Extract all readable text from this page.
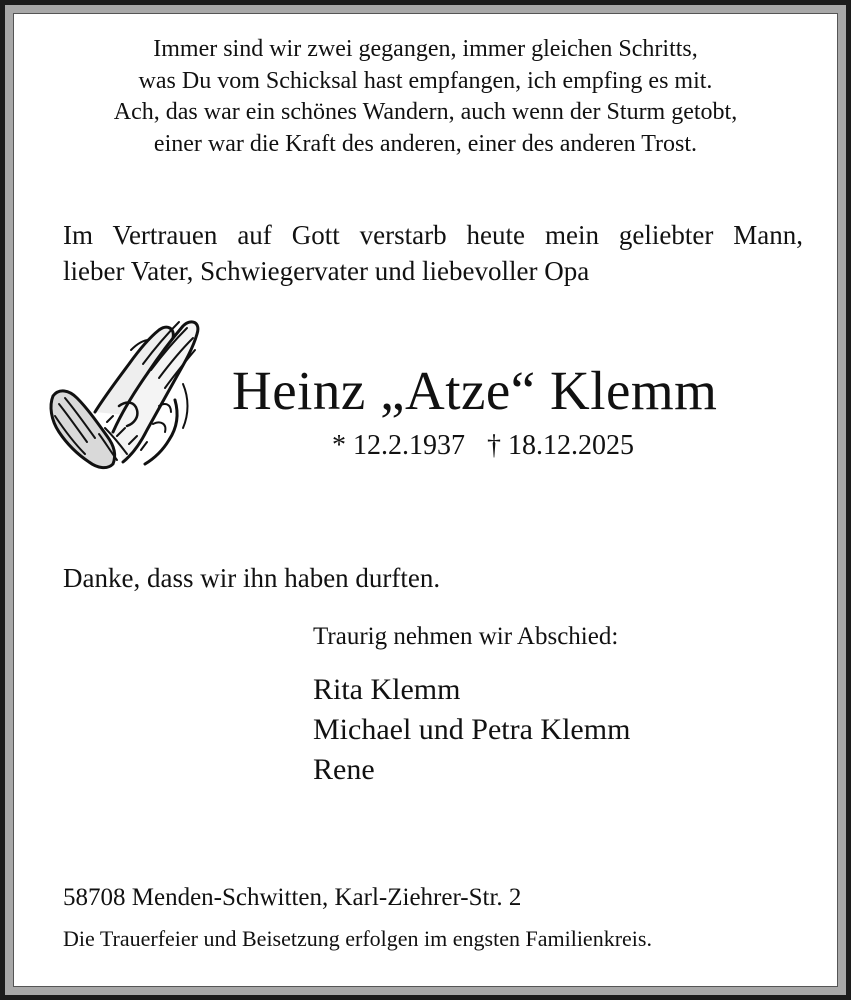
Immer sind wir zwei gegangen, immer gleichen Schritts,
was Du vom Schicksal hast empfangen, ich empfing es mit.
Ach, das war ein schönes Wandern, auch wenn der Sturm getobt,
einer war die Kraft des anderen, einer des anderen Trost.
Im Vertrauen auf Gott verstarb heute mein geliebter Mann,
lieber Vater, Schwiegervater und liebevoller Opa
Heinz „Atze“ Klemm
* 12.2.1937 † 18.12.2025
Danke, dass wir ihn haben durften.
Traurig nehmen wir Abschied:
Rita Klemm
Michael und Petra Klemm
Rene
58708 Menden-Schwitten, Karl-Ziehrer-Str. 2
Die Trauerfeier und Beisetzung erfolgen im engsten Familienkreis.
